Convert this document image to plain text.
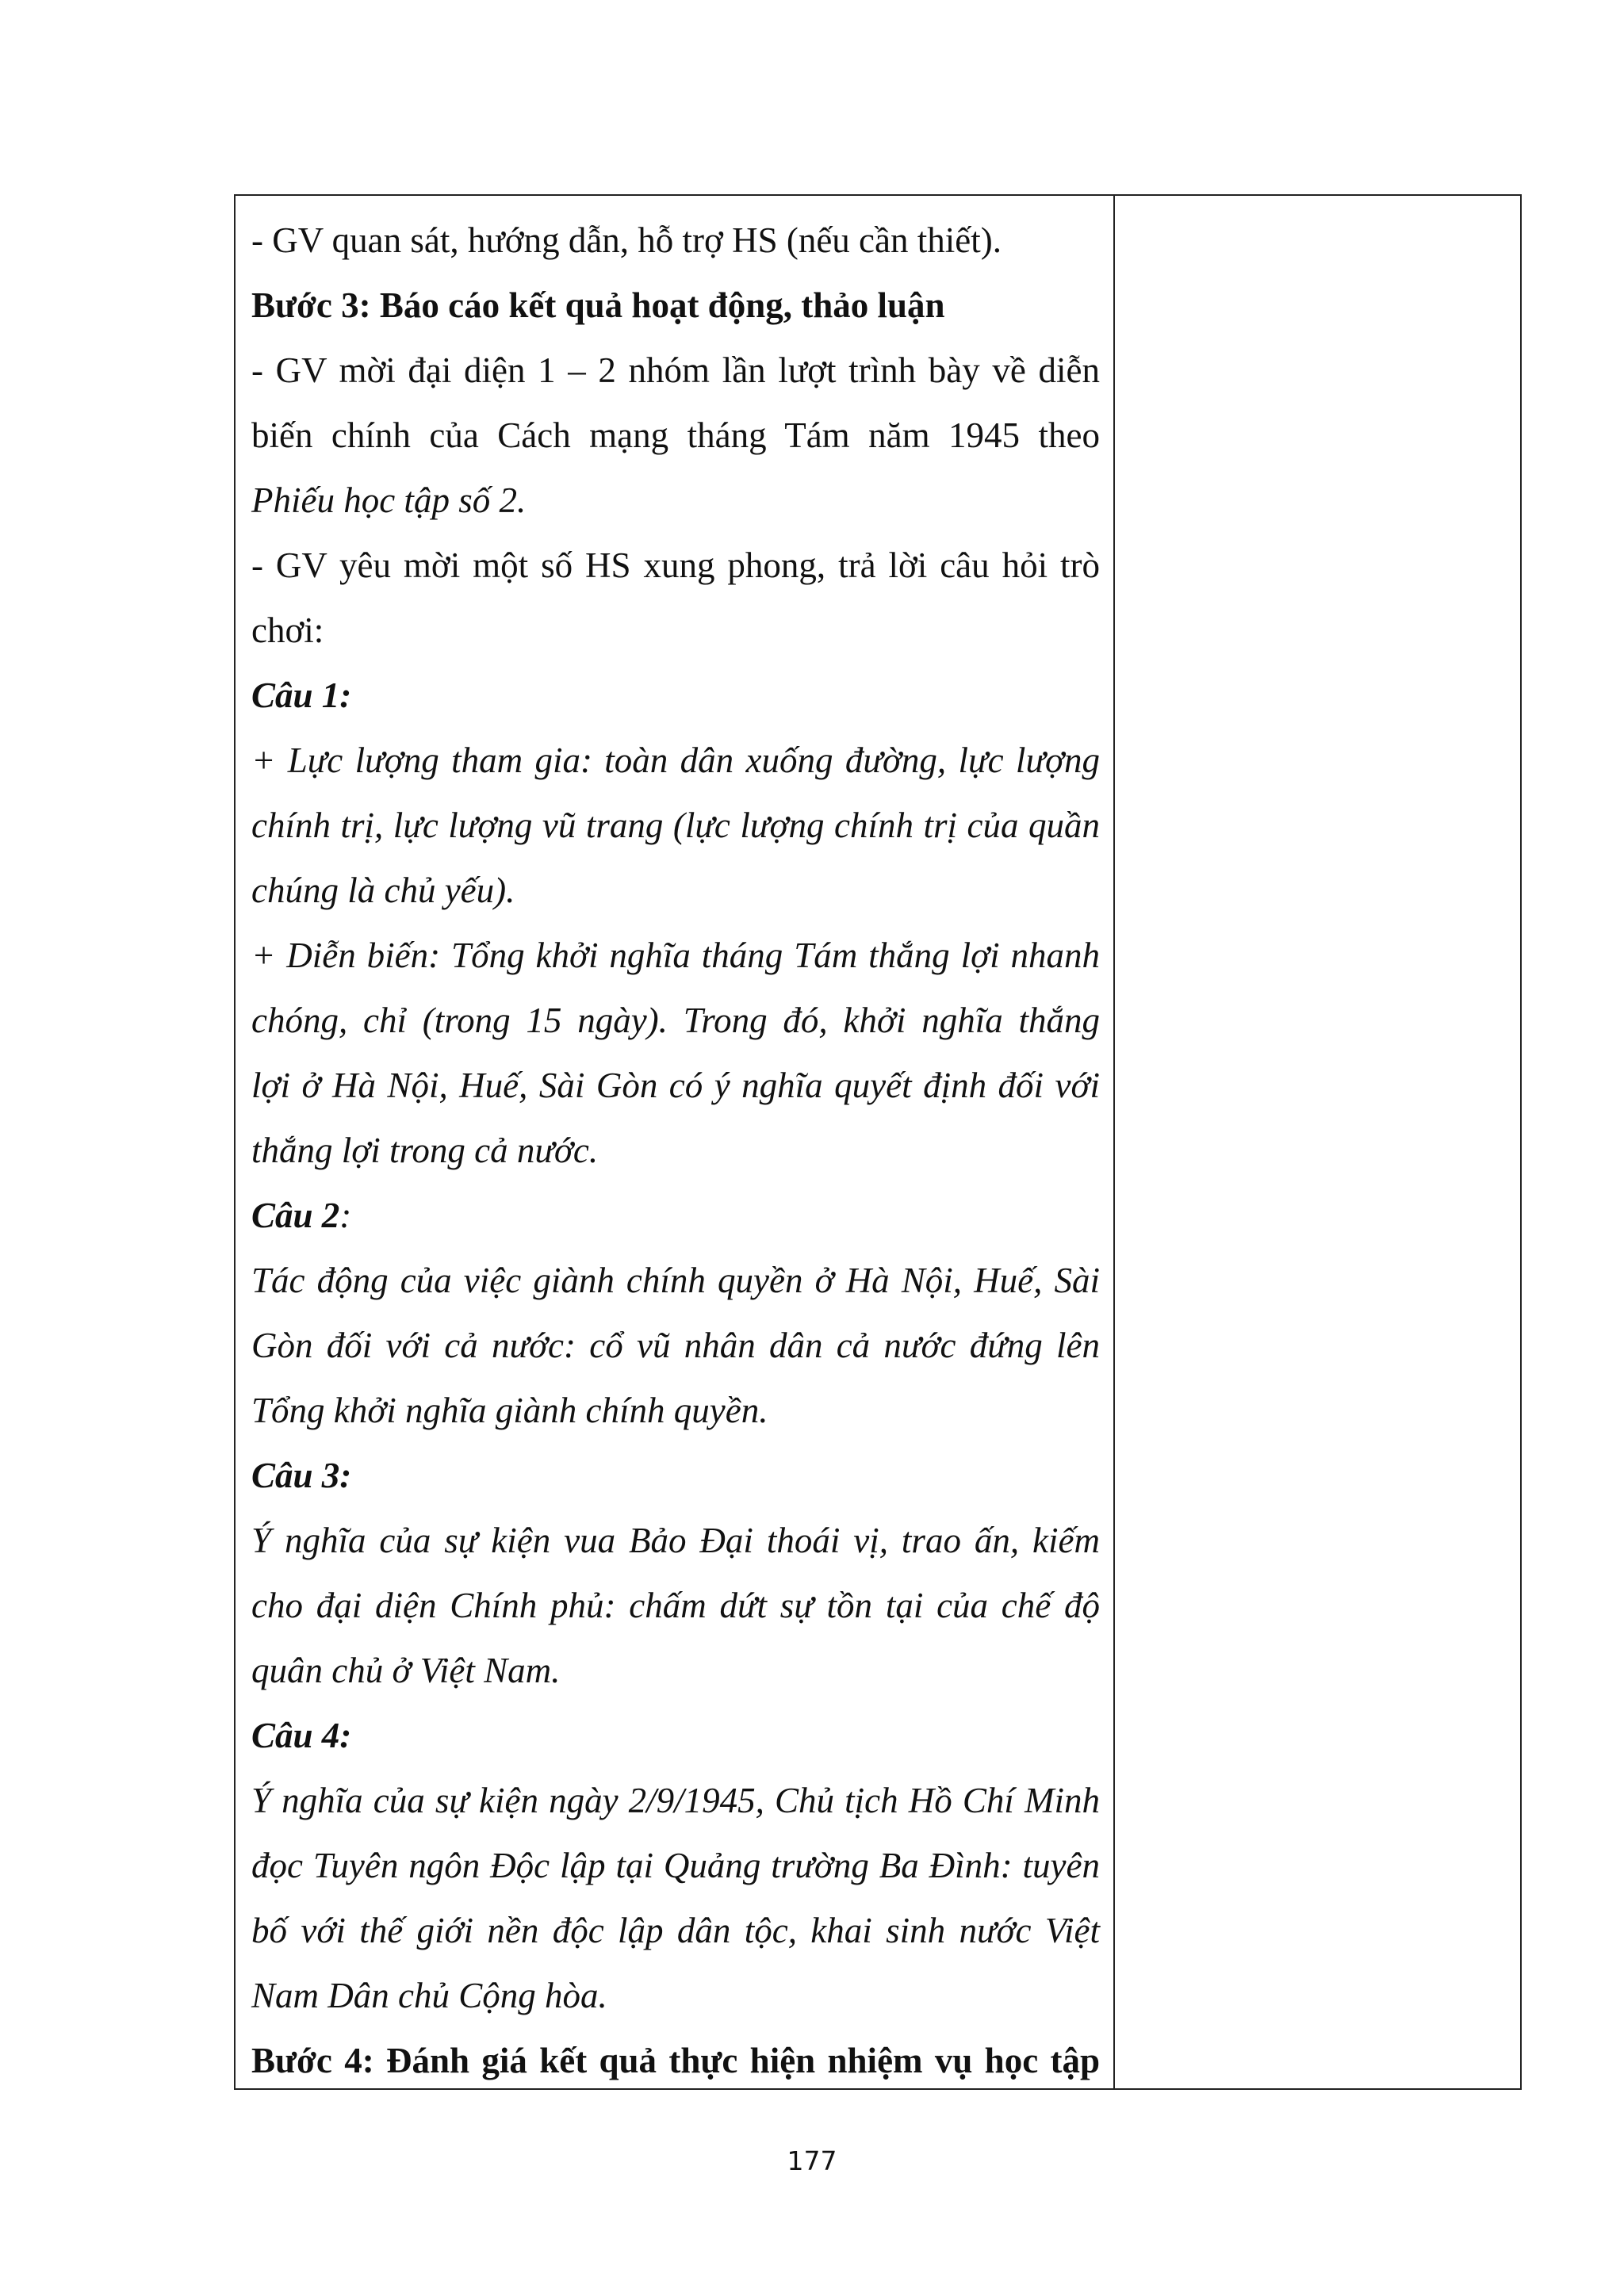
- GV quan sát, hướng dẫn, hỗ trợ HS (nếu cần thiết).
Bước 3: Báo cáo kết quả hoạt động, thảo luận
- GV mời đại diện 1 – 2 nhóm lần lượt trình bày về diễn
biến chính của Cách mạng tháng Tám năm 1945 theo
Phiếu học tập số 2.
- GV yêu mời một số HS xung phong, trả lời câu hỏi trò
chơi:
Câu 1:
+ Lực lượng tham gia: toàn dân xuống đường, lực lượng
chính trị, lực lượng vũ trang (lực lượng chính trị của quần
chúng là chủ yếu).
+ Diễn biến: Tổng khởi nghĩa tháng Tám thắng lợi nhanh
chóng, chỉ (trong 15 ngày). Trong đó, khởi nghĩa thắng
lợi ở Hà Nội, Huế, Sài Gòn có ý nghĩa quyết định đối với
thắng lợi trong cả nước.
Câu 2:
Tác động của việc giành chính quyền ở Hà Nội, Huế, Sài
Gòn đối với cả nước: cổ vũ nhân dân cả nước đứng lên
Tổng khởi nghĩa giành chính quyền.
Câu 3:
Ý nghĩa của sự kiện vua Bảo Đại thoái vị, trao ấn, kiếm
cho đại diện Chính phủ: chấm dứt sự tồn tại của chế độ
quân chủ ở Việt Nam.
Câu 4:
Ý nghĩa của sự kiện ngày 2/9/1945, Chủ tịch Hồ Chí Minh
đọc Tuyên ngôn Độc lập tại Quảng trường Ba Đình: tuyên
bố với thế giới nền độc lập dân tộc, khai sinh nước Việt
Nam Dân chủ Cộng hòa.
Bước 4: Đánh giá kết quả thực hiện nhiệm vụ học tập
177
